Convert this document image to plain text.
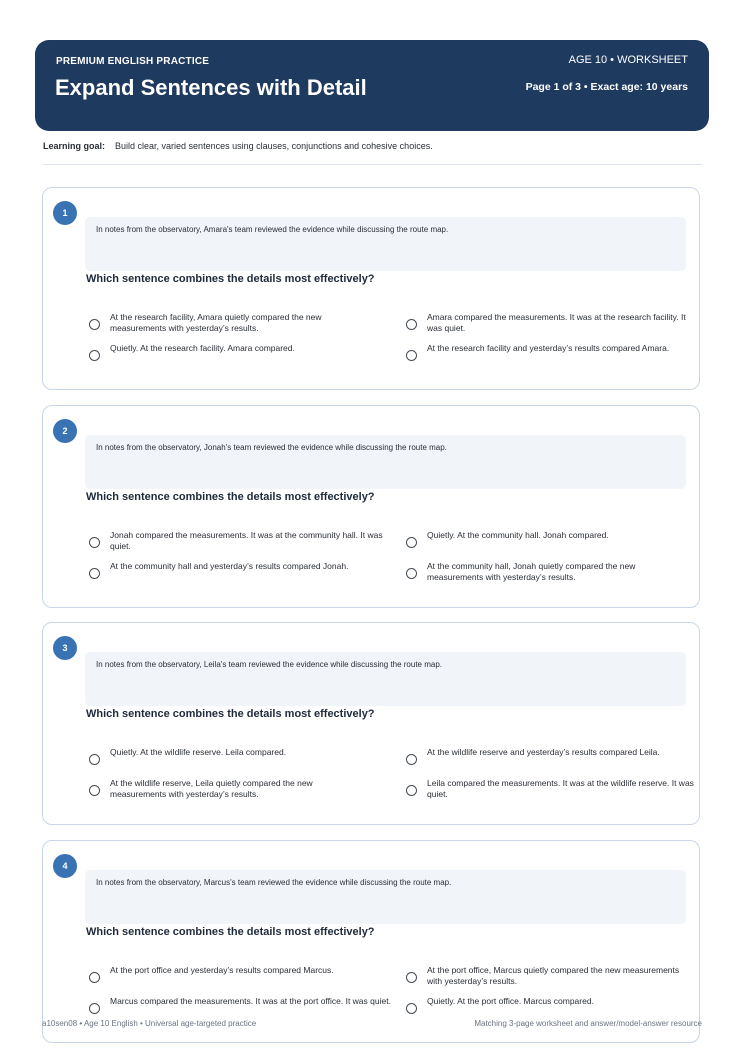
PREMIUM ENGLISH PRACTICE
Expand Sentences with Detail
AGE 10 • WORKSHEET
Page 1 of 3 • Exact age: 10 years
Learning goal: Build clear, varied sentences using clauses, conjunctions and cohesive choices.
1
In notes from the observatory, Amara's team reviewed the evidence while discussing the route map.
Which sentence combines the details most effectively?
At the research facility, Amara quietly compared the new measurements with yesterday’s results.
Amara compared the measurements. It was at the research facility. It was quiet.
Quietly. At the research facility. Amara compared.	At the research facility and yesterday’s results compared Amara.
2
In notes from the observatory, Jonah's team reviewed the evidence while discussing the route map.
Which sentence combines the details most effectively?
Jonah compared the measurements. It was at the community hall. It was quiet.
Quietly. At the community hall. Jonah compared.
At the community hall and yesterday’s results compared Jonah.	At the community hall, Jonah quietly compared the new measurements with yesterday’s results.
3
In notes from the observatory, Leila's team reviewed the evidence while discussing the route map.
Which sentence combines the details most effectively?
Quietly. At the wildlife reserve. Leila compared.	At the wildlife reserve and yesterday’s results compared Leila.
At the wildlife reserve, Leila quietly compared the new measurements with yesterday’s results.
Leila compared the measurements. It was at the wildlife reserve. It was quiet.
4
In notes from the observatory, Marcus's team reviewed the evidence while discussing the route map.
Which sentence combines the details most effectively?
At the port office and yesterday’s results compared Marcus.	At the port office, Marcus quietly compared the new measurements with yesterday’s results.
Marcus compared the measurements. It was at the port office. It was quiet.	Quietly. At the port office. Marcus compared.
a10sen08 • Age 10 English • Universal age-targeted practice	Matching 3-page worksheet and answer/model-answer resource
